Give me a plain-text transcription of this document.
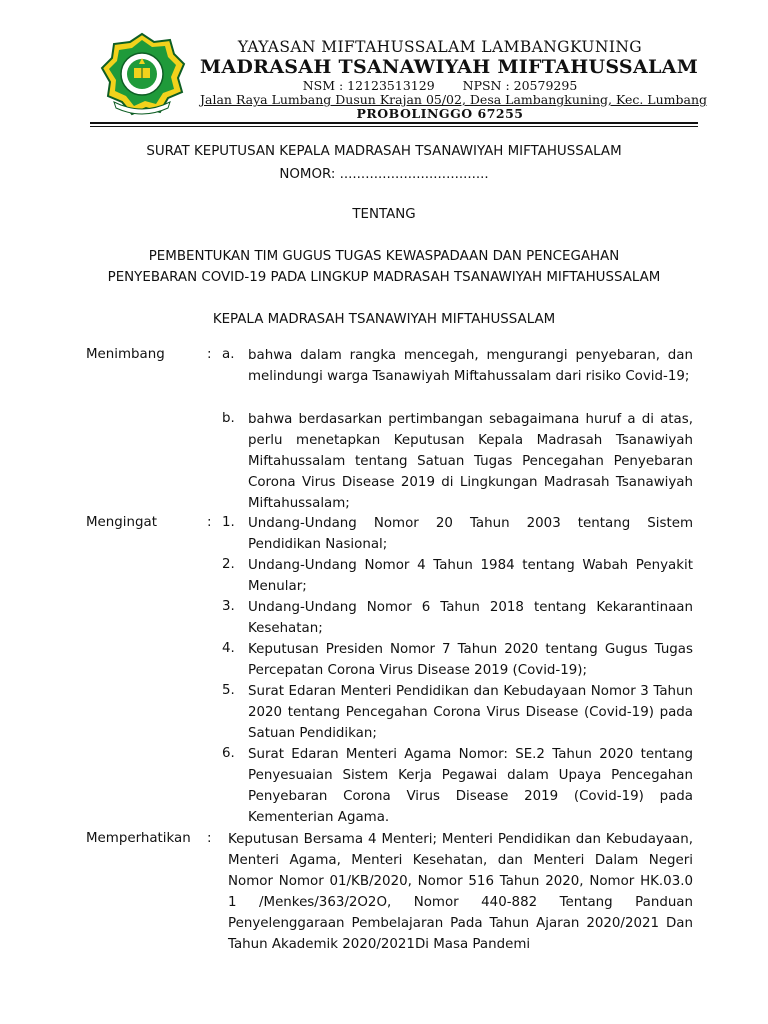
YAYASAN MIFTAHUSSALAM LAMBANGKUNING
MADRASAH TSANAWIYAH MIFTAHUSSALAM
NSM : 12123513129 NPSN : 20579295
Jalan Raya Lumbang Dusun Krajan 05/02, Desa Lambangkuning, Kec. Lumbang
PROBOLINGGO 67255
SURAT KEPUTUSAN KEPALA MADRASAH TSANAWIYAH MIFTAHUSSALAM
NOMOR: ...................................
TENTANG
PEMBENTUKAN TIM GUGUS TUGAS KEWASPADAAN DAN PENCEGAHAN
PENYEBARAN COVID-19 PADA LINGKUP MADRASAH TSANAWIYAH MIFTAHUSSALAM
KEPALA MADRASAH TSANAWIYAH MIFTAHUSSALAM
Menimbang	: a.	bahwa dalam rangka mencegah, mengurangi penyebaran, dan melindungi warga Tsanawiyah Miftahussalam dari risiko Covid-19;
b. bahwa berdasarkan pertimbangan sebagaimana huruf a di atas, perlu menetapkan Keputusan Kepala Madrasah Tsanawiyah Miftahussalam tentang Satuan Tugas Pencegahan Penyebaran Corona Virus Disease 2019 di Lingkungan Madrasah Tsanawiyah Miftahussalam;
Mengingat	: 1. Undang-Undang Nomor 20 Tahun 2003 tentang Sistem Pendidikan Nasional;
2. Undang-Undang Nomor 4 Tahun 1984 tentang Wabah Penyakit Menular;
3. Undang-Undang Nomor 6 Tahun 2018 tentang Kekarantinaan Kesehatan;
4. Keputusan Presiden Nomor 7 Tahun 2020 tentang Gugus Tugas Percepatan Corona Virus Disease 2019 (Covid-19);
5. Surat Edaran Menteri Pendidikan dan Kebudayaan Nomor 3 Tahun 2020 tentang Pencegahan Corona Virus Disease (Covid-19) pada Satuan Pendidikan;
6. Surat Edaran Menteri Agama Nomor: SE.2 Tahun 2020 tentang Penyesuaian Sistem Kerja Pegawai dalam Upaya Pencegahan Penyebaran Corona Virus Disease 2019 (Covid-19) pada Kementerian Agama.
Memperhatikan : Keputusan Bersama 4 Menteri; Menteri Pendidikan dan Kebudayaan, Menteri Agama, Menteri Kesehatan, dan Menteri Dalam Negeri Nomor Nomor 01/KB/2020, Nomor 516 Tahun 2020, Nomor HK.03.0 1 /Menkes/363/2O2O, Nomor 440-882 Tentang Panduan Penyelenggaraan Pembelajaran Pada Tahun Ajaran 2020/2021 Dan Tahun Akademik 2020/2021Di Masa Pandemi
